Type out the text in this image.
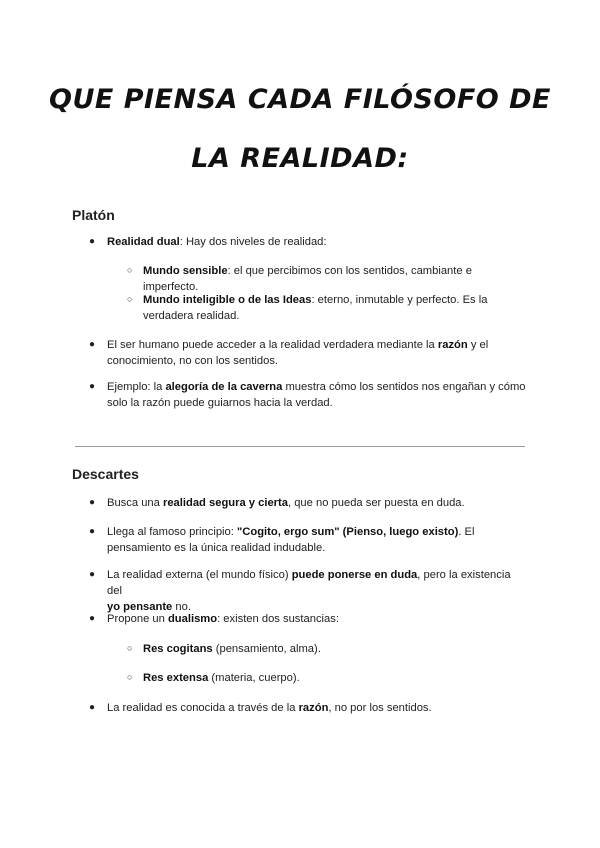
QUE PIENSA CADA FILÓSOFO DE
LA REALIDAD:
Platón
● Realidad dual: Hay dos niveles de realidad:
○ Mundo sensible: el que percibimos con los sentidos, cambiante e imperfecto.
○ Mundo inteligible o de las Ideas: eterno, inmutable y perfecto. Es la
verdadera realidad.
● El ser humano puede acceder a la realidad verdadera mediante la razón y el
conocimiento, no con los sentidos.
● Ejemplo: la alegoría de la caverna muestra cómo los sentidos nos engañan y cómo
solo la razón puede guiarnos hacia la verdad.
Descartes
● Busca una realidad segura y cierta, que no pueda ser puesta en duda.
● Llega al famoso principio: "Cogito, ergo sum" (Pienso, luego existo). El
pensamiento es la única realidad indudable.
● La realidad externa (el mundo físico) puede ponerse en duda, pero la existencia del
yo pensante no.
● Propone un dualismo: existen dos sustancias:
○ Res cogitans (pensamiento, alma).
○ Res extensa (materia, cuerpo).
● La realidad es conocida a través de la razón, no por los sentidos.
